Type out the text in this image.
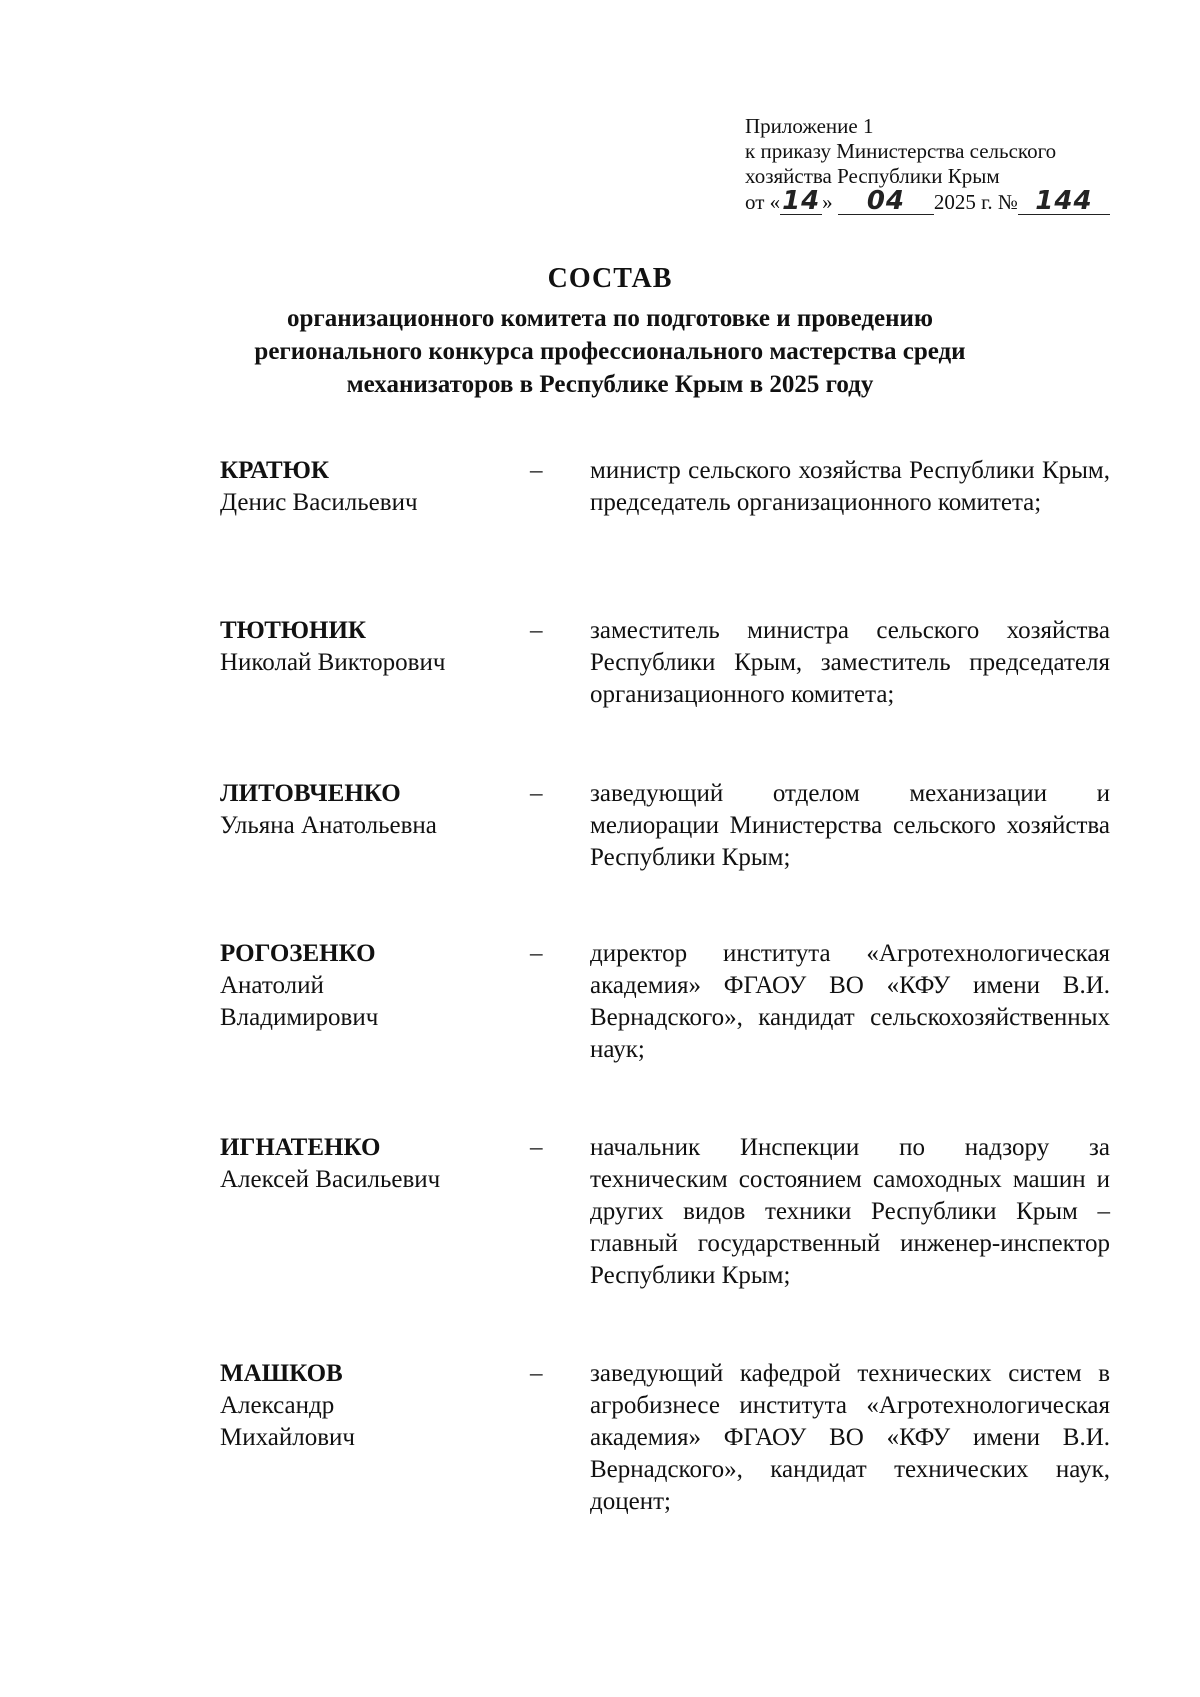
Приложение 1
к приказу Министерства сельского
хозяйства Республики Крым
от «14» 04 2025 г. № 144
СОСТАВ
организационного комитета по подготовке и проведению
регионального конкурса профессионального мастерства среди
механизаторов в Республике Крым в 2025 году
КРАТЮК
Денис Васильевич
–	министр сельского хозяйства Республики Крым, председатель организационного комитета;
ТЮТЮНИК
Николай Викторович
–	заместитель министра сельского хозяйства Республики Крым, заместитель председателя организационного комитета;
ЛИТОВЧЕНКО
Ульяна Анатольевна
–	заведующий отделом механизации и мелиорации Министерства сельского хозяйства Республики Крым;
РОГОЗЕНКО
Анатолий
Владимирович
–	директор института «Агротехнологическая академия» ФГАОУ ВО «КФУ имени В.И. Вернадского», кандидат сельскохозяйственных наук;
ИГНАТЕНКО
Алексей Васильевич
–	начальник Инспекции по надзору за техническим состоянием самоходных машин и других видов техники Республики Крым – главный государственный инженер-инспектор Республики Крым;
МАШКОВ
Александр
Михайлович
–	заведующий кафедрой технических систем в агробизнесе института «Агротехнологическая академия» ФГАОУ ВО «КФУ имени В.И. Вернадского», кандидат технических наук, доцент;
